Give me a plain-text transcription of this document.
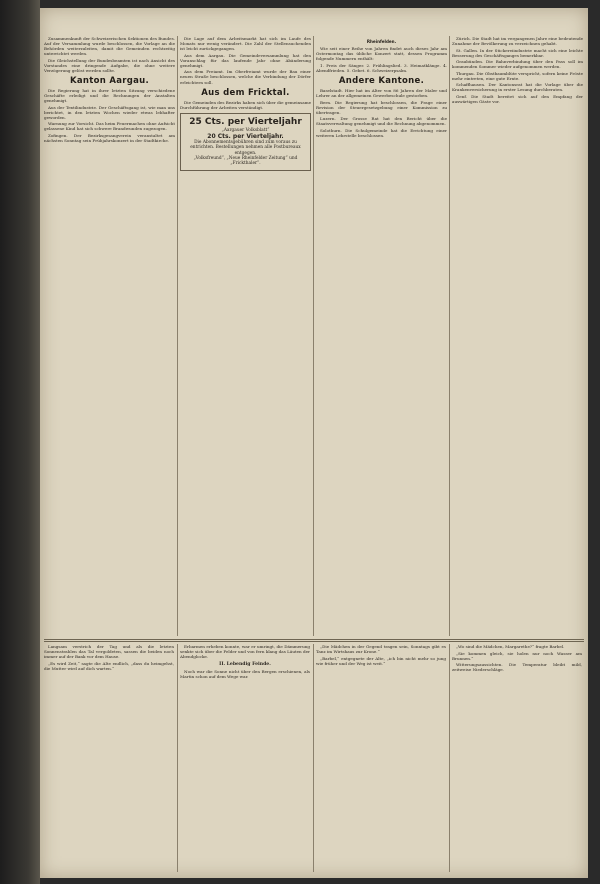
Zusammenkunft der Schweizerischen Sektionen des Bundes. Auf der Versammlung wurde beschlossen, die Vorlage an die Behörden weiterzuleiten, damit die Gemeinden rechtzeitig unterrichtet werden.

Die Gleichstellung der Bundesbeamten ist nach Ansicht des Vorstandes eine dringende Aufgabe, die ohne weitere Verzögerung gelöst werden sollte.

Kanton Aargau.

Die Regierung hat in ihrer letzten Sitzung verschiedene Geschäfte erledigt und die Rechnungen der Anstalten genehmigt.

Aus der Textilindustrie. Der Geschäftsgang ist, wie man uns berichtet, in den letzten Wochen wieder etwas lebhafter geworden.

Warnung zur Vorsicht. Das heim Feuermachen ohne Aufsicht gelassene Kind hat sich schwere Brandwunden zugezogen.

Zofingen. Der Bezirksgesangverein veranstaltet am nächsten Sonntag sein Frühjahrskonzert in der Stadtkirche.

Die Lage auf dem Arbeitsmarkt hat sich im Laufe des Monats nur wenig verändert. Die Zahl der Stellensuchenden ist leicht zurückgegangen.

Aus dem Aargau. Die Gemeindeversammlung hat den Voranschlag für das laufende Jahr ohne Abänderung genehmigt.

Aus dem Freiamt. Im Oberfreiamt wurde der Bau einer neuen Straße beschlossen, welche die Verbindung der Dörfer erleichtern soll.

Aus dem Fricktal.

Die Gemeinden des Bezirks haben sich über die gemeinsame Durchführung der Arbeiten verständigt.

25 Cts. per Vierteljahr
„Aargauer Volksblatt“
20 Cts. per Vierteljahr.
Die Abonnementsgebühren sind zum voraus zu entrichten. Bestellungen nehmen alle Postbureaux entgegen.
„Volksfreund“, „Neue Rheinfelder Zeitung“ und „Frickthaler“.
Rheinfelden.

Wie seit einer Reihe von Jahren findet auch dieses Jahr am Ostermontag das übliche Konzert statt, dessen Programm folgende Nummern enthält:

1. Preis der Sänger. 2. Frühlingslied. 3. Heimatklänge. 4. Abendfrieden. 5. Gebet. 6. Schweizerpsalm.

Andere Kantone.

Baselstadt. Hier hat im Alter von 86 Jahren der Maler und Lehrer an der allgemeinen Gewerbeschule gestorben.

Bern. Die Regierung hat beschlossen, die Frage einer Revision der Steuergesetzgebung einer Kommission zu übertragen.

Luzern. Der Grosse Rat hat den Bericht über die Staatsverwaltung genehmigt und die Rechnung abgenommen.

Solothurn. Die Schulgemeinde hat die Errichtung einer weiteren Lehrstelle beschlossen.

Zürich. Die Stadt hat im vergangenen Jahre eine bedeutende Zunahme der Bevölkerung zu verzeichnen gehabt.

St. Gallen. In der Stickereiindustrie macht sich eine leichte Besserung des Geschäftsganges bemerkbar.

Graubünden. Die Bahnverbindung über den Pass soll im kommenden Sommer wieder aufgenommen werden.

Thurgau. Die Obstbaumblüte verspricht, sofern keine Fröste mehr eintreten, eine gute Ernte.

Schaffhausen. Der Kantonsrat hat die Vorlage über die Krankenversicherung in erster Lesung durchberaten.

Genf. Die Stadt bereitet sich auf den Empfang der auswärtigen Gäste vor.

Langsam verstrich der Tag und als die letzten Sonnenstrahlen das Tal vergoldeten, sassen die beiden noch immer auf der Bank vor dem Hause.

„Es wird Zeit,“ sagte die Alte endlich, „dass du heimgehst, die Mutter wird auf dich warten.“

Erbarmen erheben konnte, war er umringt, die Dämmerung senkte sich über die Felder und von fern klang das Läuten der Abendglocke.

II. Lebendig Feinde.

Noch war die Sonne nicht über den Bergen erschienen, als Martin schon auf dem Wege war.

„Die Mädchen in der Gegend tragen sein, Sonntags gibt es Tanz im Wirtshaus zur Krone.“

„Barbel,“ entgegnete der Alte, „ich bin nicht mehr so jung wie früher und der Weg ist weit.“

„Wo sind die Mädchen, Margarethe?“ fragte Barbel.

„Sie kommen gleich, sie holen nur noch Wasser am Brunnen.“

Witterungsaussichten. Die Temperatur bleibt mild, zeitweise Niederschläge.
